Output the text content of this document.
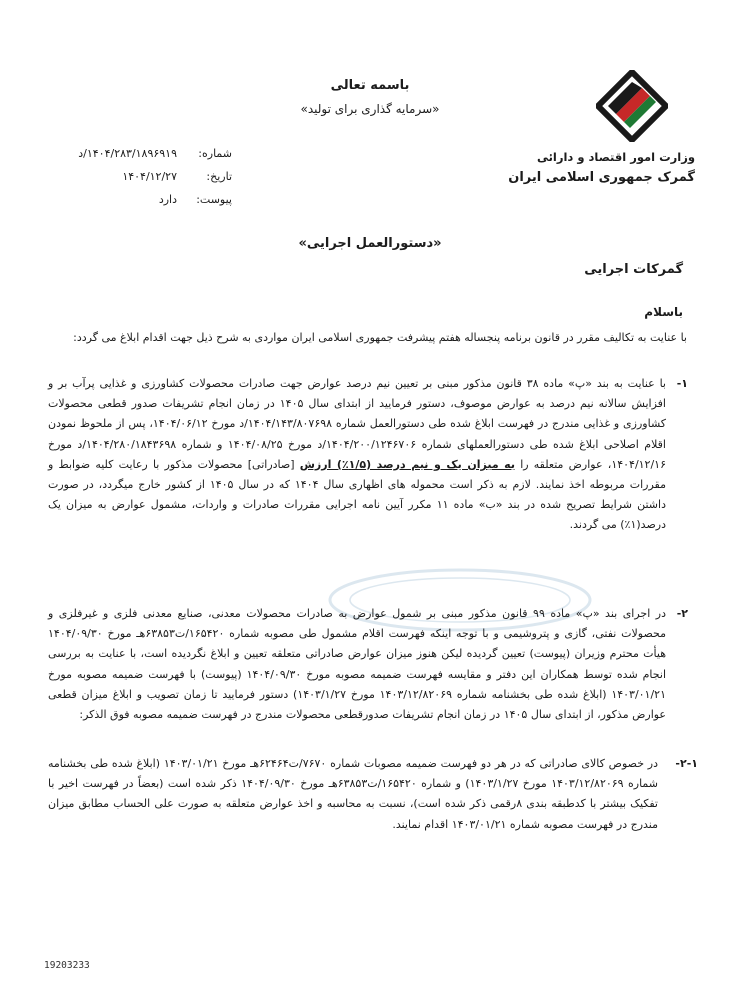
وزارت امور اقتصاد و دارائی
گمرک جمهوری اسلامی ایران
باسمه تعالی
«سرمایه گذاری برای تولید»
شماره:
۱۴۰۴/۲۸۳/۱۸۹۶۹۱۹/د
تاریخ:
۱۴۰۴/۱۲/۲۷
پیوست:
دارد
«دستورالعمل اجرایی»
گمرکات اجرایی
باسلام
با عنایت به تکالیف مقرر در قانون برنامه پنجساله هفتم پیشرفت جمهوری اسلامی ایران مواردی به شرح ذیل جهت اقدام ابلاغ می گردد:
۱-
با عنایت به بند «پ» ماده ۳۸ قانون مذکور مبنی بر تعیین نیم درصد عوارض جهت صادرات محصولات کشاورزی و غذایی پرآب بر و افزایش سالانه نیم درصد به عوارض موصوف، دستور فرمایید از ابتدای سال ۱۴۰۵ در زمان انجام تشریفات صدور قطعی محصولات کشاورزی و غذایی مندرج در فهرست ابلاغ شده طی دستورالعمل شماره ۱۴۰۴/۱۴۳/۸۰۷۶۹۸/د مورخ ۱۴۰۴/۰۶/۱۲، پس از ملحوظ نمودن اقلام اصلاحی ابلاغ شده طی دستورالعملهای شماره ۱۴۰۴/۲۰۰/۱۲۴۶۷۰۶/د مورخ ۱۴۰۴/۰۸/۲۵ و شماره ۱۴۰۴/۲۸۰/۱۸۴۳۶۹۸/د مورخ ۱۴۰۴/۱۲/۱۶، عوارض متعلقه را به میزان یک و نیم درصد (۱/۵٪) ارزش [صادراتی] محصولات مذکور با رعایت کلیه ضوابط و مقررات مربوطه اخذ نمایند. لازم به ذکر است محموله های اظهاری سال ۱۴۰۴ که در سال ۱۴۰۵ از کشور خارج میگردد، در صورت داشتن شرایط تصریح شده در بند «ب» ماده ۱۱ مکرر آیین نامه اجرایی مقررات صادرات و واردات، مشمول عوارض به میزان یک درصد(۱٪) می گردند.
۲-
در اجرای بند «پ» ماده ۹۹ قانون مذکور مبنی بر شمول عوارض به صادرات محصولات معدنی، صنایع معدنی فلزی و غیرفلزی و محصولات نفتی، گازی و پتروشیمی و با توجه اینکه فهرست اقلام مشمول طی مصوبه شماره ۱۶۵۴۲۰/ت۶۳۸۵۳هـ مورخ ۱۴۰۴/۰۹/۳۰ هیأت محترم وزیران (پیوست) تعیین گردیده لیکن هنوز میزان عوارض صادراتی متعلقه تعیین و ابلاغ نگردیده است، با عنایت به بررسی انجام شده توسط همکاران این دفتر و مقایسه فهرست ضمیمه مصوبه مورخ ۱۴۰۴/۰۹/۳۰ (پیوست) با فهرست ضمیمه مصوبه مورخ ۱۴۰۳/۰۱/۲۱ (ابلاغ شده طی بخشنامه شماره ۱۴۰۳/۱۲/۸۲۰۶۹ مورخ ۱۴۰۳/۱/۲۷) دستور فرمایید تا زمان تصویب و ابلاغ میزان قطعی عوارض مذکور، از ابتدای سال ۱۴۰۵ در زمان انجام تشریفات صدورقطعی محصولات مندرج در فهرست ضمیمه مصوبه فوق الذکر:
۲-۱-
در خصوص کالای صادراتی که در هر دو فهرست ضمیمه مصوبات شماره ۷۶۷۰/ت۶۲۴۶۴هـ مورخ ۱۴۰۳/۰۱/۲۱ (ابلاغ شده طی بخشنامه شماره ۱۴۰۳/۱۲/۸۲۰۶۹ مورخ ۱۴۰۳/۱/۲۷) و شماره ۱۶۵۴۲۰/ت۶۳۸۵۳هـ مورخ ۱۴۰۴/۰۹/۳۰ ذکر شده است (بعضاً در فهرست اخیر با تفکیک بیشتر با کدطبقه بندی ۸رقمی ذکر شده است)، نسبت به محاسبه و اخذ عوارض متعلقه به صورت علی الحساب مطابق میزان مندرج در فهرست مصوبه شماره ۱۴۰۳/۰۱/۲۱ اقدام نمایند.
19203233
